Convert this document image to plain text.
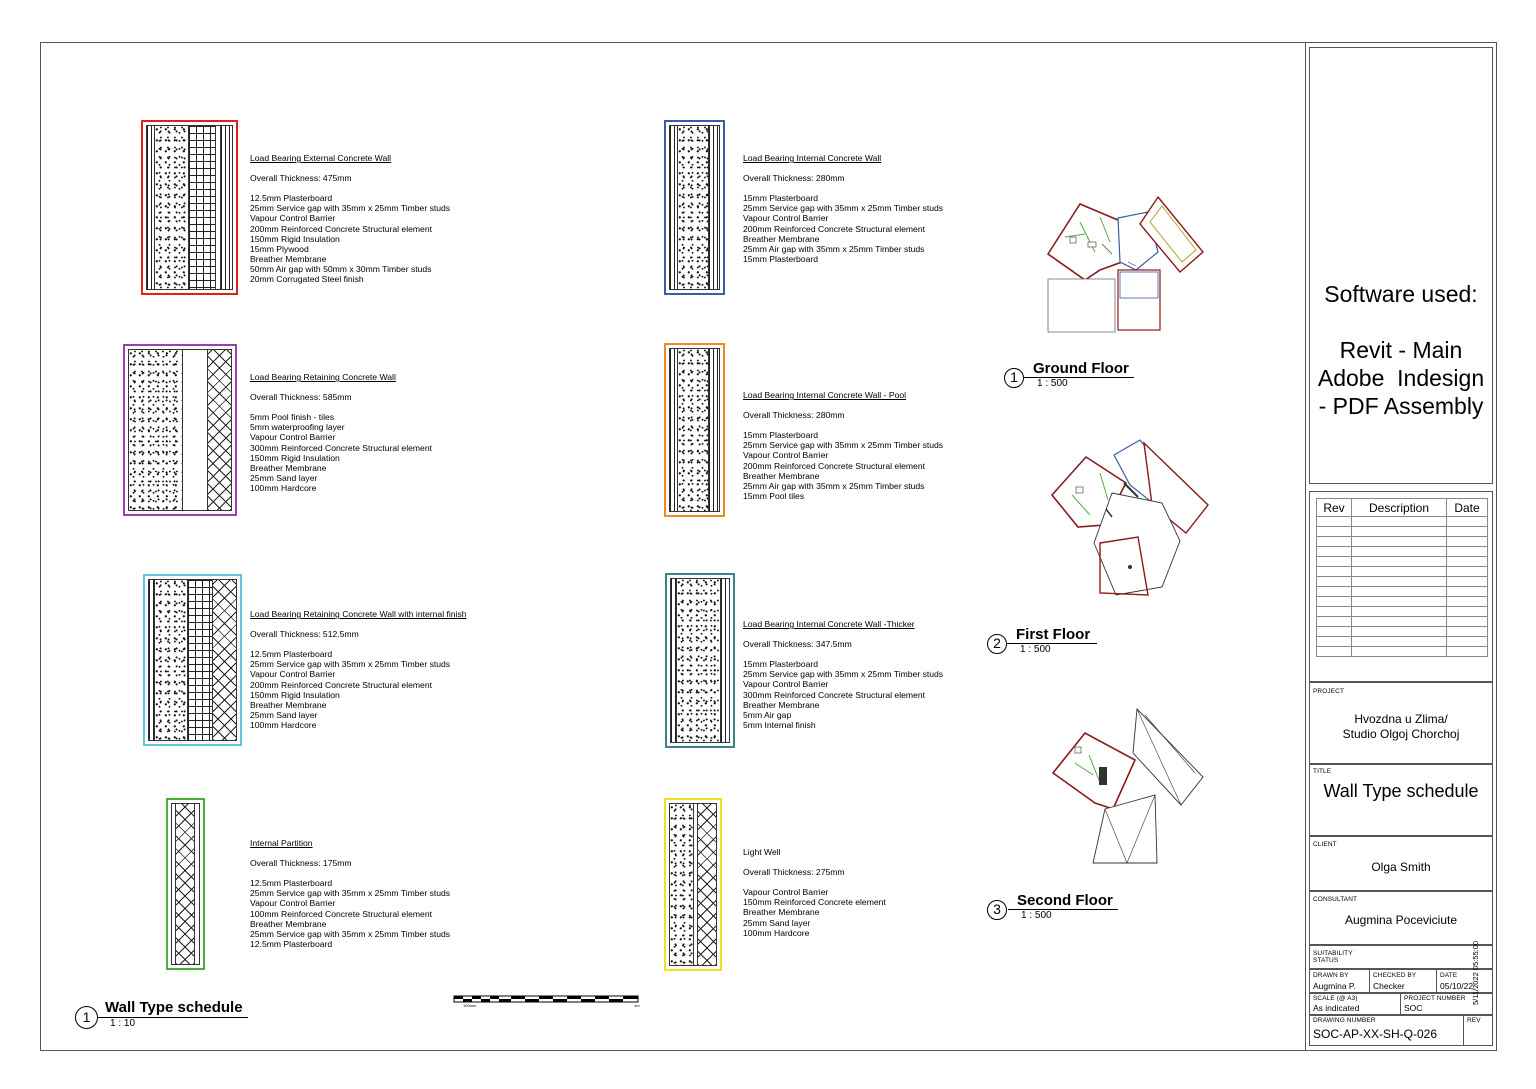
Load Bearing External Concrete Wall
Overall Thickness: 475mm
12.5mm Plasterboard
25mm Service gap with 35mm x 25mm Timber studs
Vapour Control Barrier
200mm Reinforced Concrete Structural element
150mm Rigid Insulation
15mm Plywood
Breather Membrane
50mm Air gap with 50mm x 30mm Timber studs
20mm Corrugated Steel finish

Load Bearing Retaining Concrete Wall
Overall Thickness: 585mm
5mm Pool finish - tiles
5mm waterproofing layer
Vapour Control Barrier
300mm Reinforced Concrete Structural element
150mm Rigid Insulation
Breather Membrane
25mm Sand layer
100mm Hardcore

Load Bearing Retaining Concrete Wall with internal finish
Overall Thickness: 512.5mm
12.5mm Plasterboard
25mm Service gap with 35mm x 25mm Timber studs
Vapour Control Barrier
200mm Reinforced Concrete Structural element
150mm Rigid Insulation
Breather Membrane
25mm Sand layer
100mm Hardcore

Internal Partition
Overall Thickness: 175mm
12.5mm Plasterboard
25mm Service gap with 35mm x 25mm Timber studs
Vapour Control Barrier
100mm Reinforced Concrete Structural element
Breather Membrane
25mm Service gap with 35mm x 25mm Timber studs
12.5mm Plasterboard

Load Bearing Internal Concrete Wall
Overall Thickness: 280mm
15mm Plasterboard
25mm Service gap with 35mm x 25mm Timber studs
Vapour Control Barrier
200mm Reinforced Concrete Structural element
Breather Membrane
25mm Air gap with 35mm x 25mm Timber studs
15mm Plasterboard

Load Bearing Internal Concrete Wall - Pool
Overall Thickness: 280mm
15mm Plasterboard
25mm Service gap with 35mm x 25mm Timber studs
Vapour Control Barrier
200mm Reinforced Concrete Structural element
Breather Membrane
25mm Air gap with 35mm x 25mm Timber studs
15mm Pool tiles

Load Bearing Internal Concrete Wall -Thicker
Overall Thickness: 347.5mm
15mm Plasterboard
25mm Service gap with 35mm x 25mm Timber studs
Vapour Control Barrier
300mm Reinforced Concrete Structural element
Breather Membrane
5mm Air gap
5mm Internal finish

Light Well
Overall Thickness: 275mm
Vapour Control Barrier
150mm Reinforced Concrete element
Breather Membrane
25mm Sand layer
100mm Hardcore

1
Wall Type schedule
1 : 10
100mm	1m
1	Ground Floor
1 : 500
2	First Floor
1 : 500
3	Second Floor
1 : 500
Software used:
Revit - Main
Adobe  Indesign
- PDF Assembly
Rev	Description	Date

PROJECT
Hvozdna u Zlima/
Studio Olgoj Chorchoj
TITLE
Wall Type schedule
CLIENT
Olga Smith
CONSULTANT
Augmina Poceviciute
SUITABILITY
STATUS
DRAWN BY
Augmina P.
CHECKED BY
Checker
DATE
05/10/22
SCALE (@ A3)
As indicated
PROJECT NUMBER
SOC
DRAWING NUMBER
SOC-AP-XX-SH-Q-026
REV
5/11/2022 05:55:00
